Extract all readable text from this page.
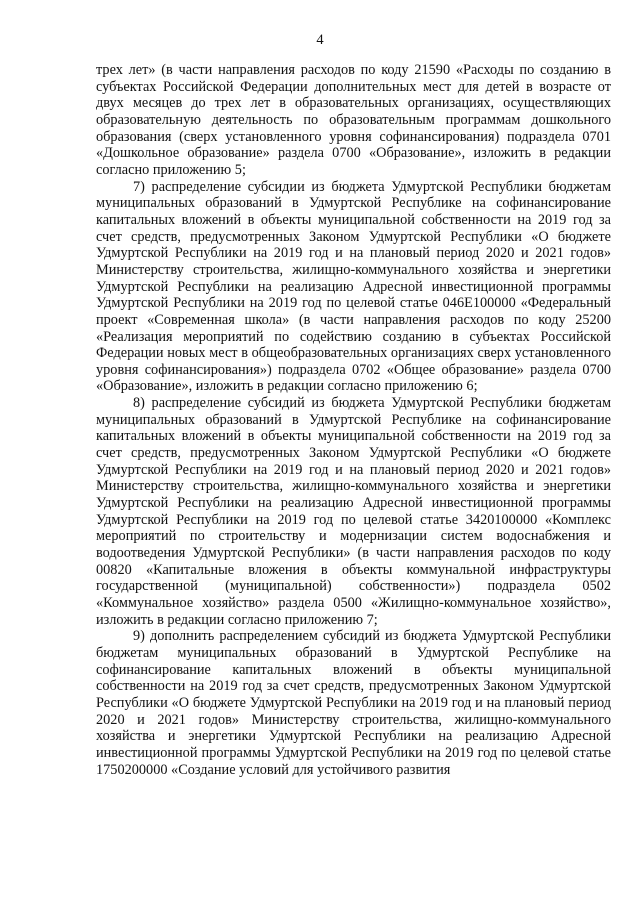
4

трех лет» (в части направления расходов по коду 21590 «Расходы по созданию в субъектах Российской Федерации дополнительных мест для детей в возрасте от двух месяцев до трех лет в образовательных организациях, осуществляющих образовательную деятельность по образовательным программам дошкольного образования (сверх установленного уровня софинансирования) подраздела 0701 «Дошкольное образование» раздела 0700 «Образование», изложить в редакции согласно приложению 5;

7) распределение субсидии из бюджета Удмуртской Республики бюджетам муниципальных образований в Удмуртской Республике на софинансирование капитальных вложений в объекты муниципальной собственности на 2019 год за счет средств, предусмотренных Законом Удмуртской Республики «О бюджете Удмуртской Республики на 2019 год и на плановый период 2020 и 2021 годов» Министерству строительства, жилищно-коммунального хозяйства и энергетики Удмуртской Республики на реализацию Адресной инвестиционной программы Удмуртской Республики на 2019 год по целевой статье 046E100000 «Федеральный проект «Современная школа» (в части направления расходов по коду 25200 «Реализация мероприятий по содействию созданию в субъектах Российской Федерации новых мест в общеобразовательных организациях сверх установленного уровня софинансирования») подраздела 0702 «Общее образование» раздела 0700 «Образование», изложить в редакции согласно приложению 6;

8) распределение субсидий из бюджета Удмуртской Республики бюджетам муниципальных образований в Удмуртской Республике на софинансирование капитальных вложений в объекты муниципальной собственности на 2019 год за счет средств, предусмотренных Законом Удмуртской Республики «О бюджете Удмуртской Республики на 2019 год и на плановый период 2020 и 2021 годов» Министерству строительства, жилищно-коммунального хозяйства и энергетики Удмуртской Республики на реализацию Адресной инвестиционной программы Удмуртской Республики на 2019 год по целевой статье 3420100000 «Комплекс мероприятий по строительству и модернизации систем водоснабжения и водоотведения Удмуртской Республики» (в части направления расходов по коду 00820 «Капитальные вложения в объекты коммунальной инфраструктуры государственной (муниципальной) собственности») подраздела 0502 «Коммунальное хозяйство» раздела 0500 «Жилищно-коммунальное хозяйство», изложить в редакции согласно приложению 7;

9) дополнить распределением субсидий из бюджета Удмуртской Республики бюджетам муниципальных образований в Удмуртской Республике на софинансирование капитальных вложений в объекты муниципальной собственности на 2019 год за счет средств, предусмотренных Законом Удмуртской Республики «О бюджете Удмуртской Республики на 2019 год и на плановый период 2020 и 2021 годов» Министерству строительства, жилищно-коммунального хозяйства и энергетики Удмуртской Республики на реализацию Адресной инвестиционной программы Удмуртской Республики на 2019 год по целевой статье 1750200000 «Создание условий для устойчивого развития
